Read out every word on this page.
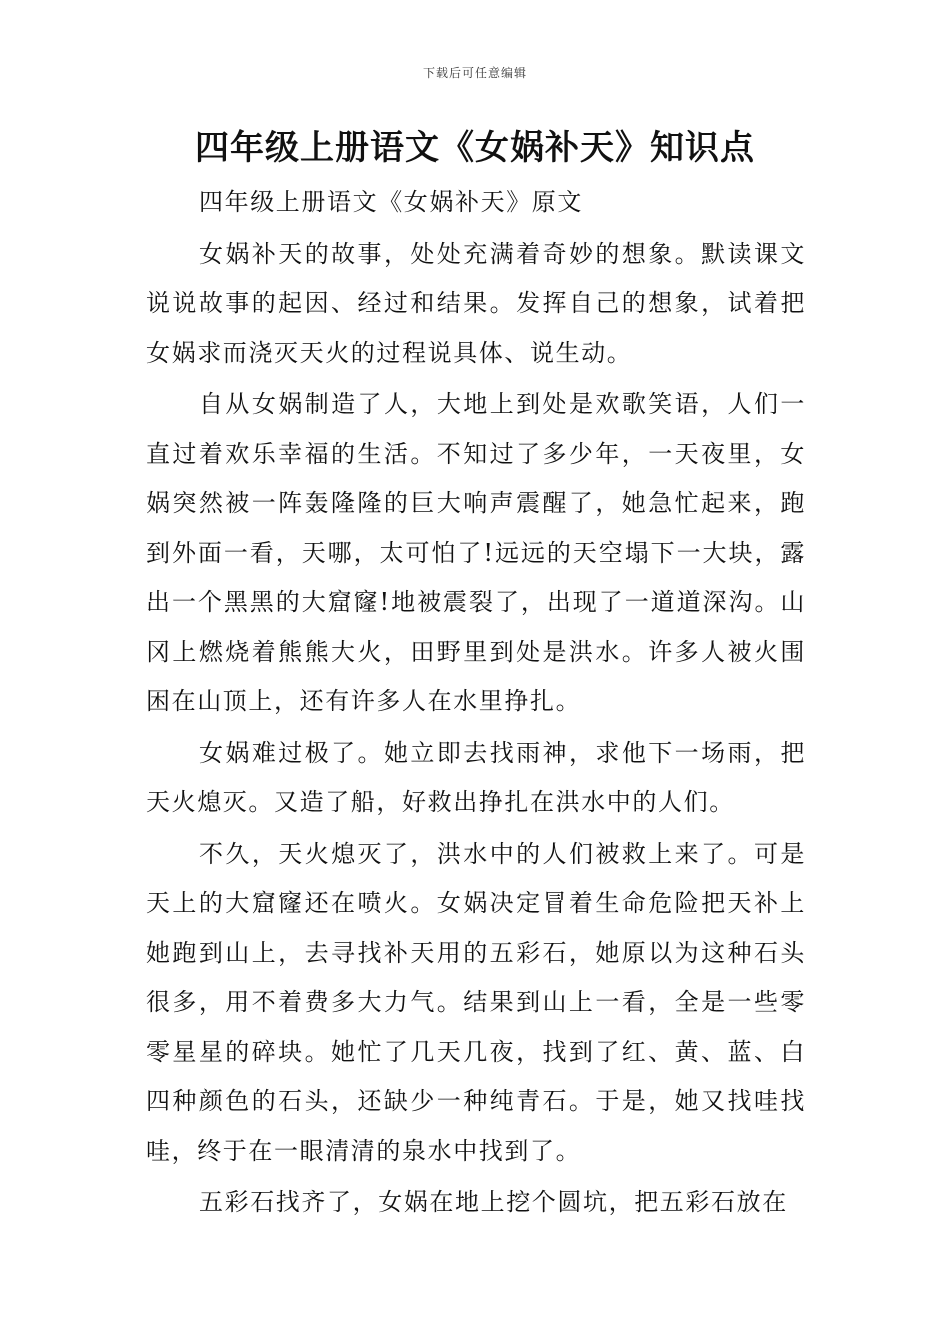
下载后可任意编辑
四年级上册语文《女娲补天》知识点

四年级上册语文《女娲补天》原文

女娲补天的故事，处处充满着奇妙的想象。默读课文说说故事的起因、经过和结果。发挥自己的想象，试着把女娲求而浇灭天火的过程说具体、说生动。

自从女娲制造了人，大地上到处是欢歌笑语，人们一直过着欢乐幸福的生活。不知过了多少年，一天夜里，女娲突然被一阵轰隆隆的巨大响声震醒了，她急忙起来，跑到外面一看，天哪，太可怕了!远远的天空塌下一大块，露出一个黑黑的大窟窿!地被震裂了，出现了一道道深沟。山冈上燃烧着熊熊大火，田野里到处是洪水。许多人被火围困在山顶上，还有许多人在水里挣扎。

女娲难过极了。她立即去找雨神，求他下一场雨，把天火熄灭。又造了船，好救出挣扎在洪水中的人们。

不久，天火熄灭了，洪水中的人们被救上来了。可是天上的大窟窿还在喷火。女娲决定冒着生命危险把天补上她跑到山上，去寻找补天用的五彩石，她原以为这种石头很多，用不着费多大力气。结果到山上一看，全是一些零零星星的碎块。她忙了几天几夜，找到了红、黄、蓝、白四种颜色的石头，还缺少一种纯青石。于是，她又找哇找哇，终于在一眼清清的泉水中找到了。

五彩石找齐了，女娲在地上挖个圆坑，把五彩石放在
